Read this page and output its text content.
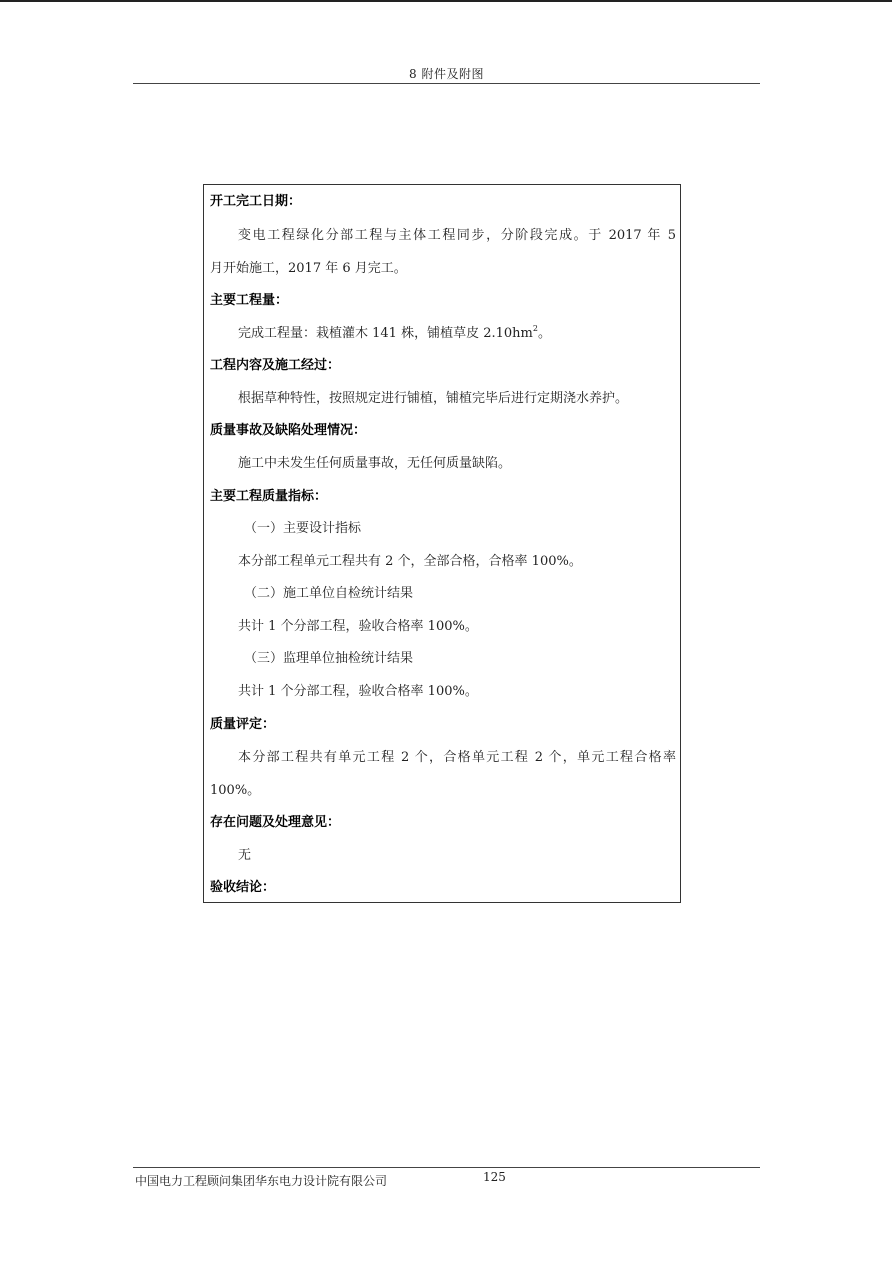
8 附件及附图
开工完工日期：
变电工程绿化分部工程与主体工程同步，分阶段完成。于 2017 年 5
月开始施工，2017 年 6 月完工。
主要工程量：
完成工程量：栽植灌木 141 株，铺植草皮 $2.10hm^2$。
工程内容及施工经过：
根据草种特性，按照规定进行铺植，铺植完毕后进行定期浇水养护。
质量事故及缺陷处理情况：
施工中未发生任何质量事故，无任何质量缺陷。
主要工程质量指标：
（一）主要设计指标
本分部工程单元工程共有 2 个，全部合格，合格率 100%。
（二）施工单位自检统计结果
共计 1 个分部工程，验收合格率 100%。
（三）监理单位抽检统计结果
共计 1 个分部工程，验收合格率 100%。
质量评定：
本分部工程共有单元工程 2 个，合格单元工程 2 个，单元工程合格率
100%。
存在问题及处理意见：
无
验收结论：
中国电力工程顾问集团华东电力设计院有限公司	125
